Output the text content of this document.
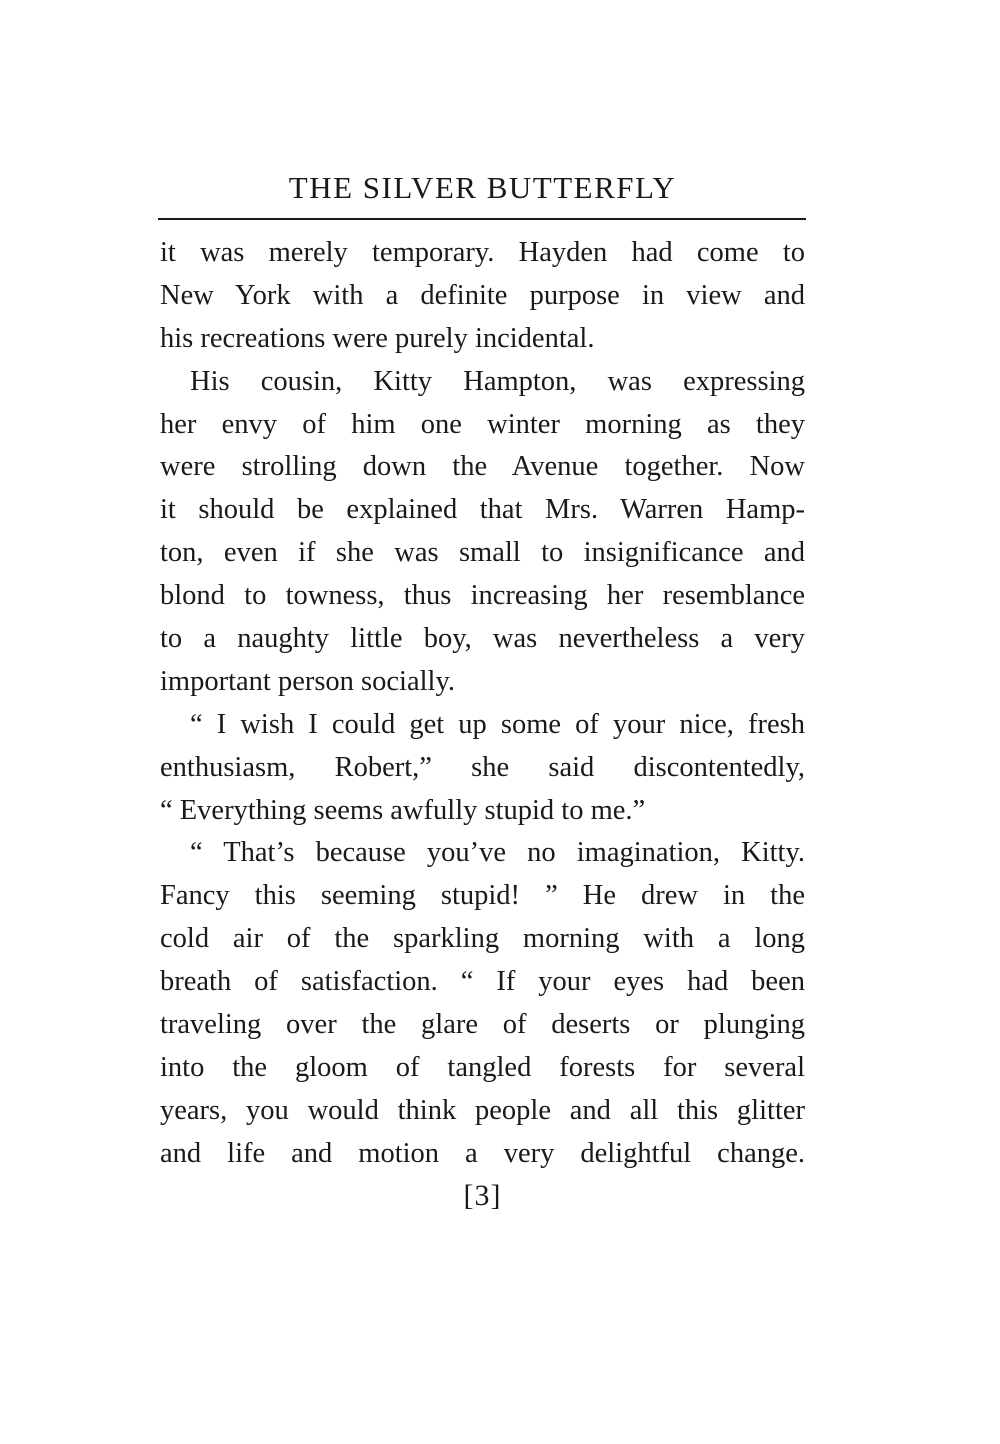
THE SILVER BUTTERFLY
it was merely temporary. Hayden had come to
New York with a definite purpose in view and
his recreations were purely incidental.
His cousin, Kitty Hampton, was expressing
her envy of him one winter morning as they
were strolling down the Avenue together. Now
it should be explained that Mrs. Warren Hamp-
ton, even if she was small to insignificance and
blond to towness, thus increasing her resemblance
to a naughty little boy, was nevertheless a very
important person socially.
“ I wish I could get up some of your nice, fresh
enthusiasm, Robert,” she said discontentedly,
“ Everything seems awfully stupid to me.”
“ That’s because you’ve no imagination, Kitty.
Fancy this seeming stupid! ” He drew in the
cold air of the sparkling morning with a long
breath of satisfaction. “ If your eyes had been
traveling over the glare of deserts or plunging
into the gloom of tangled forests for several
years, you would think people and all this glitter
and life and motion a very delightful change.
[3]
